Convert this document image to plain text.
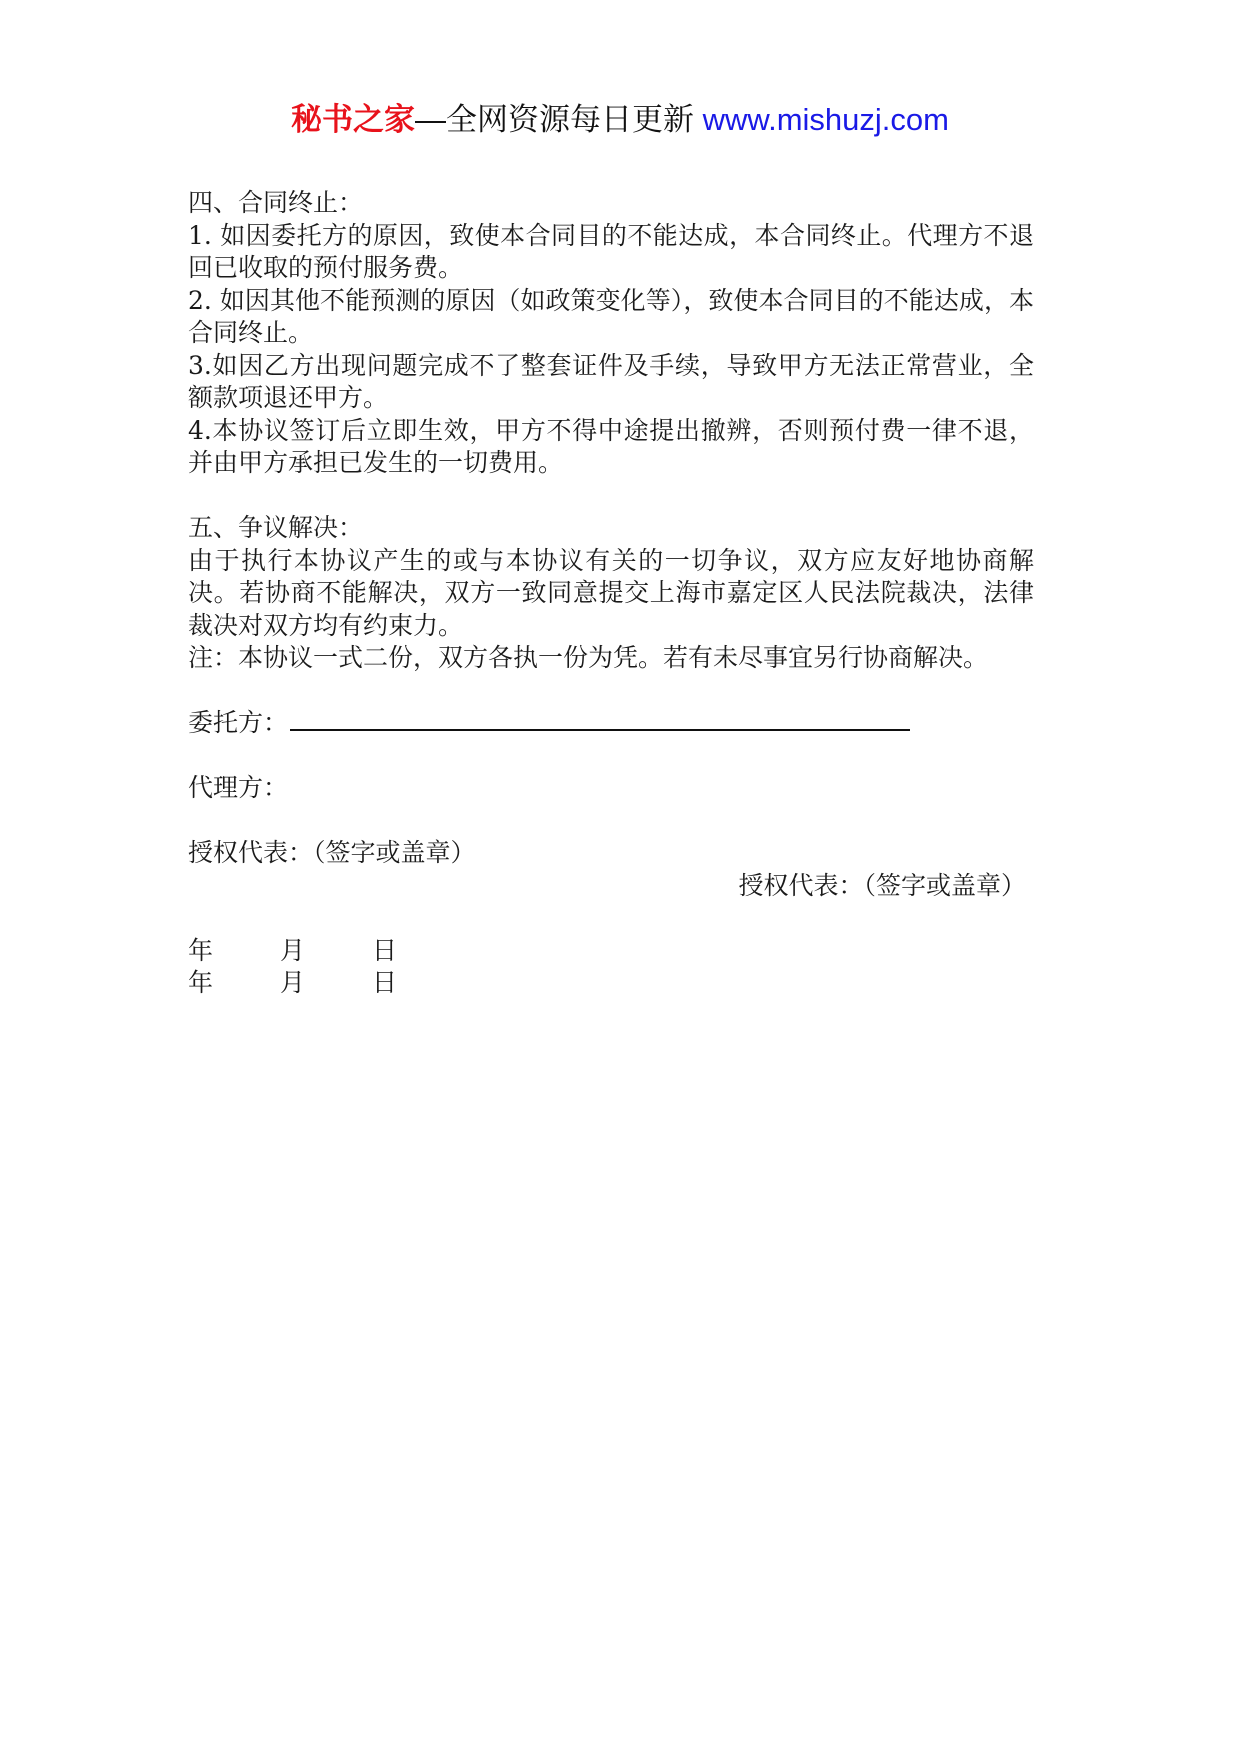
秘书之家—全网资源每日更新 www.mishuzj.com

四、合同终止：

1. 如因委托方的原因，致使本合同目的不能达成，本合同终止。代理方不退回已收取的预付服务费。

2. 如因其他不能预测的原因（如政策变化等），致使本合同目的不能达成，本合同终止。

3.如因乙方出现问题完成不了整套证件及手续，导致甲方无法正常营业，全额款项退还甲方。

4.本协议签订后立即生效，甲方不得中途提出撤辨，否则预付费一律不退，并由甲方承担已发生的一切费用。

五、争议解决：

由于执行本协议产生的或与本协议有关的一切争议，双方应友好地协商解决。若协商不能解决，双方一致同意提交上海市嘉定区人民法院裁决，法律裁决对双方均有约束力。

注：本协议一式二份，双方各执一份为凭。若有未尽事宜另行协商解决。

委托方：

代理方：

授权代表：（签字或盖章）

授权代表：（签字或盖章）

年	月	日

年	月	日
